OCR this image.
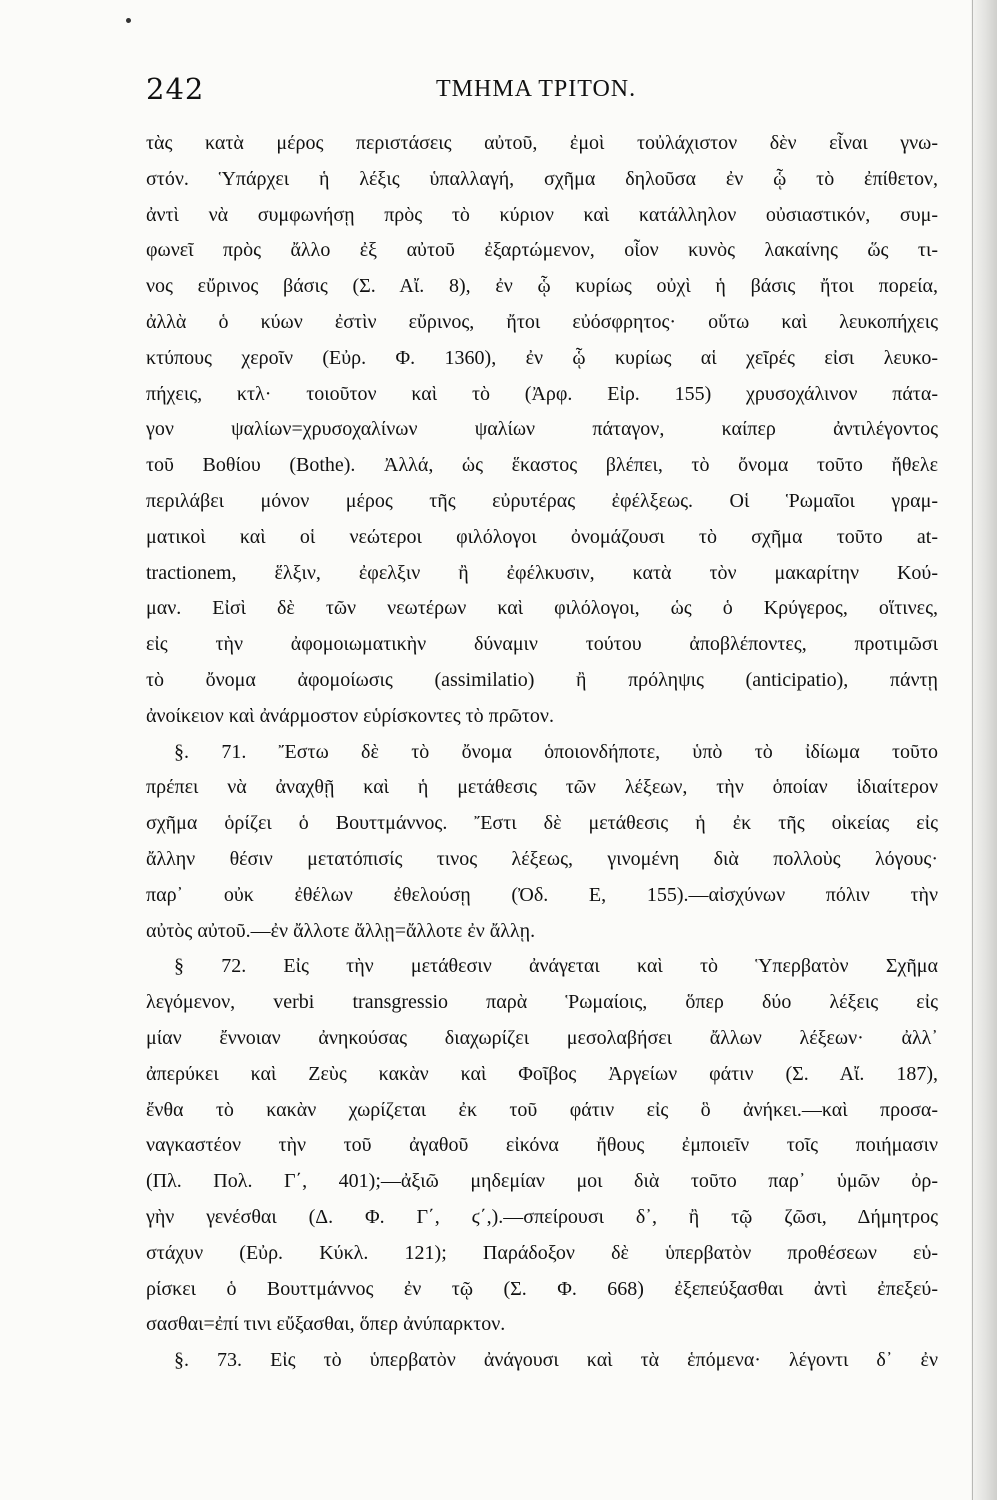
242	ΤΜΗΜΑ ΤΡΙΤΟΝ.
τὰς κατὰ μέρος περιστάσεις αὐτοῦ, ἐμοὶ τοὐλάχιστον δὲν εἶναι γνω-
στόν. Ὑπάρχει ἡ λέξις ὑπαλλαγή, σχῆμα δηλοῦσα ἐν ᾧ τὸ ἐπίθετον,
ἀντὶ νὰ συμφωνήσῃ πρὸς τὸ κύριον καὶ κατάλληλον οὐσιαστικόν, συμ-
φωνεῖ πρὸς ἄλλο ἐξ αὐτοῦ ἐξαρτώμενον, οἷον κυνὸς λακαίνης ὥς τι-
νος εὔρινος βάσις (Σ. Αἴ. 8), ἐν ᾧ κυρίως οὐχὶ ἡ βάσις ἤτοι πορεία,
ἀλλὰ ὁ κύων ἐστὶν εὔρινος, ἤτοι εὐόσφρητος· οὕτω καὶ λευκοπήχεις
κτύπους χεροῖν (Εὐρ. Φ. 1360), ἐν ᾧ κυρίως αἱ χεῖρές εἰσι λευκο-
πήχεις, κτλ· τοιοῦτον καὶ τὸ (Ἀρφ. Εἰρ. 155) χρυσοχάλινον πάτα-
γον ψαλίων=χρυσοχαλίνων ψαλίων πάταγον, καίπερ ἀντιλέγοντος
τοῦ Βοθίου (Bothe). Ἀλλά, ὡς ἕκαστος βλέπει, τὸ ὄνομα τοῦτο ἤθελε
περιλάβει μόνον μέρος τῆς εὐρυτέρας ἐφέλξεως. Οἱ Ῥωμαῖοι γραμ-
ματικοὶ καὶ οἱ νεώτεροι φιλόλογοι ὀνομάζουσι τὸ σχῆμα τοῦτο at-
tractionem, ἕλξιν, ἐφελξιν ἢ ἐφέλκυσιν, κατὰ τὸν μακαρίτην Κού-
μαν. Εἰσὶ δὲ τῶν νεωτέρων καὶ φιλόλογοι, ὡς ὁ Κρύγερος, οἵτινες,
εἰς τὴν ἀφομοιωματικὴν δύναμιν τούτου ἀποβλέποντες, προτιμῶσι
τὸ ὄνομα ἀφομοίωσις (assimilatio) ἢ πρόληψις (anticipatio), πάντῃ
ἀνοίκειον καὶ ἀνάρμοστον εὑρίσκοντες τὸ πρῶτον.
§. 71. Ἔστω δὲ τὸ ὄνομα ὁποιονδήποτε, ὑπὸ τὸ ἰδίωμα τοῦτο
πρέπει νὰ ἀναχθῇ καὶ ἡ μετάθεσις τῶν λέξεων, τὴν ὁποίαν ἰδιαίτερον
σχῆμα ὁρίζει ὁ Βουττμάννος. Ἔστι δὲ μετάθεσις ἡ ἐκ τῆς οἰκείας εἰς
ἄλλην θέσιν μετατόπισίς τινος λέξεως, γινομένη διὰ πολλοὺς λόγους·
παρ᾽ οὐκ ἐθέλων ἐθελούσῃ (Ὀδ. Ε, 155).—αἰσχύνων πόλιν τὴν
αὐτὸς αὐτοῦ.—ἐν ἄλλοτε ἄλλῃ=ἄλλοτε ἐν ἄλλῃ.
§ 72. Εἰς τὴν μετάθεσιν ἀνάγεται καὶ τὸ Ὑπερβατὸν Σχῆμα
λεγόμενον, verbi transgressio παρὰ Ῥωμαίοις, ὅπερ δύο λέξεις εἰς
μίαν ἔννοιαν ἀνηκούσας διαχωρίζει μεσολαβήσει ἄλλων λέξεων· ἀλλ᾽
ἀπερύκει καὶ Ζεὺς κακὰν καὶ Φοῖβος Ἀργείων φάτιν (Σ. Αἴ. 187),
ἔνθα τὸ κακὰν χωρίζεται ἐκ τοῦ φάτιν εἰς ὃ ἀνήκει.—καὶ προσα-
ναγκαστέον τὴν τοῦ ἀγαθοῦ εἰκόνα ἤθους ἐμποιεῖν τοῖς ποιήμασιν
(Πλ. Πολ. Γ΄, 401);—ἀξιῶ μηδεμίαν μοι διὰ τοῦτο παρ᾽ ὑμῶν ὀρ-
γὴν γενέσθαι (Δ. Φ. Γ΄, ϛ΄,).—σπείρουσι δ᾽, ἢ τῷ ζῶσι, Δήμητρος
στάχυν (Εὐρ. Κύκλ. 121); Παράδοξον δὲ ὑπερβατὸν προθέσεων εὑ-
ρίσκει ὁ Βουττμάννος ἐν τῷ (Σ. Φ. 668) ἐξεπεύξασθαι ἀντὶ ἐπεξεύ-
σασθαι=ἐπί τινι εὔξασθαι, ὅπερ ἀνύπαρκτον.
§. 73. Εἰς τὸ ὑπερβατὸν ἀνάγουσι καὶ τὰ ἑπόμενα· λέγοντι δ᾽ ἐν
